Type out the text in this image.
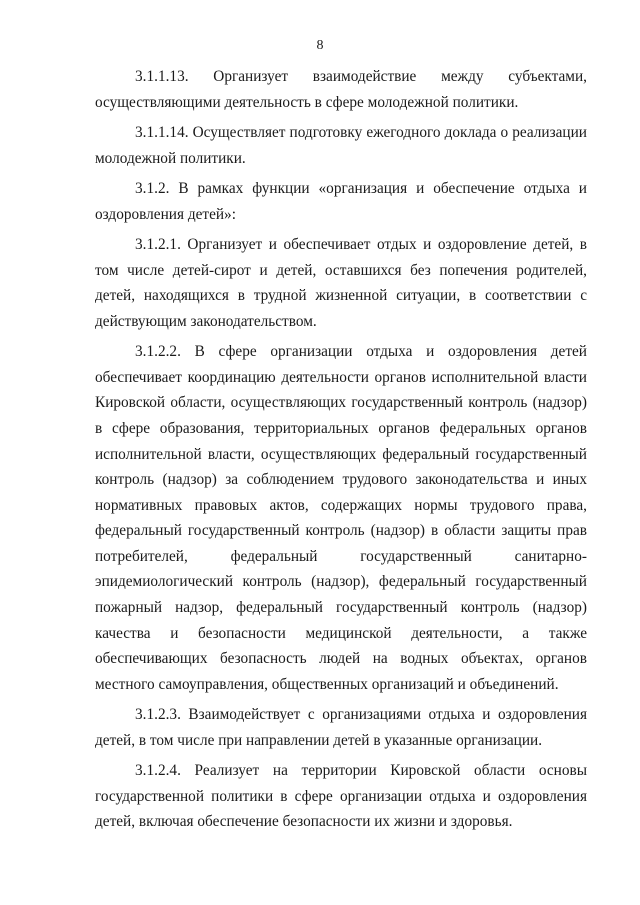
8

3.1.1.13. Организует взаимодействие между субъектами, осуществляющими деятельность в сфере молодежной политики.

3.1.1.14. Осуществляет подготовку ежегодного доклада о реализации молодежной политики.

3.1.2. В рамках функции «организация и обеспечение отдыха и оздоровления детей»:

3.1.2.1. Организует и обеспечивает отдых и оздоровление детей, в том числе детей-сирот и детей, оставшихся без попечения родителей, детей, находящихся в трудной жизненной ситуации, в соответствии с действующим законодательством.

3.1.2.2. В сфере организации отдыха и оздоровления детей обеспечивает координацию деятельности органов исполнительной власти Кировской области, осуществляющих государственный контроль (надзор) в сфере образования, территориальных органов федеральных органов исполнительной власти, осуществляющих федеральный государственный контроль (надзор) за соблюдением трудового законодательства и иных нормативных правовых актов, содержащих нормы трудового права, федеральный государственный контроль (надзор) в области защиты прав потребителей, федеральный государственный санитарно-эпидемиологический контроль (надзор), федеральный государственный пожарный надзор, федеральный государственный контроль (надзор) качества и безопасности медицинской деятельности, а также обеспечивающих безопасность людей на водных объектах, органов местного самоуправления, общественных организаций и объединений.

3.1.2.3. Взаимодействует с организациями отдыха и оздоровления детей, в том числе при направлении детей в указанные организации.

3.1.2.4. Реализует на территории Кировской области основы государственной политики в сфере организации отдыха и оздоровления детей, включая обеспечение безопасности их жизни и здоровья.
